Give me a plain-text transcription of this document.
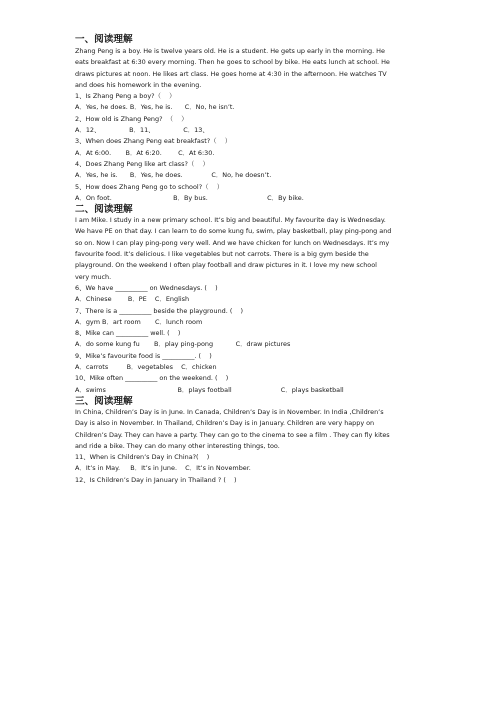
一、阅读理解

Zhang Peng is a boy. He is twelve years old. He is a student. He gets up early in the morning. He

eats breakfast at 6:30 every morning. Then he goes to school by bike. He eats lunch at school. He

draws pictures at noon. He likes art class. He goes home at 4:30 in the afternoon. He watches TV

and does his homework in the evening.

1、Is Zhang Peng a boy?（    ）

A．Yes, he does. B．Yes, he is.      C．No, he isn’t.

2、How old is Zhang Peng?  （    ）

A．12、              B．11、              C．13、

3、When does Zhang Peng eat breakfast?（    ）

A．At 6:00.       B．At 6:20.        C．At 6:30.

4、Does Zhang Peng like art class?（    ）

A．Yes, he is.      B．Yes, he does.              C．No, he doesn’t.

5、How does Zhang Peng go to school?（    ）

A．On foot.                              B．By bus.                             C．By bike.

二、阅读理解

I am Mike. I study in a new primary school. It’s big and beautiful. My favourite day is Wednesday.

We have PE on that day. I can learn to do some kung fu, swim, play basketball, play ping-pong and

so on. Now I can play ping-pong very well. And we have chicken for lunch on Wednesdays. It’s my

favourite food. It’s delicious. I like vegetables but not carrots. There is a big gym beside the

playground. On the weekend I often play football and draw pictures in it. I love my new school

very much.

6、We have __________ on Wednesdays. (    )

A．Chinese        B．PE    C．English

7、There is a __________ beside the playground. (    )

A．gym B．art room       C．lunch room

8、Mike can __________ well. (    )

A．do some kung fu       B．play ping-pong           C．draw pictures

9、Mike’s favourite food is __________. (    )

A．carrots         B．vegetables    C．chicken

10、Mike often __________ on the weekend. (    )

A．swims                                   B．plays football                        C．plays basketball

三、阅读理解

In China, Children’s Day is in June. In Canada, Children’s Day is in November. In India ,Children’s

Day is also in November. In Thailand, Children’s Day is in January. Children are very happy on

Children’s Day. They can have a party. They can go to the cinema to see a film . They can fly kites

and ride a bike. They can do many other interesting things, too.

11、When is Children’s Day in China?(    )

A．It’s in May.     B．It’s in June.    C．It’s in November.

12、Is Children’s Day in January in Thailand ? (    )
